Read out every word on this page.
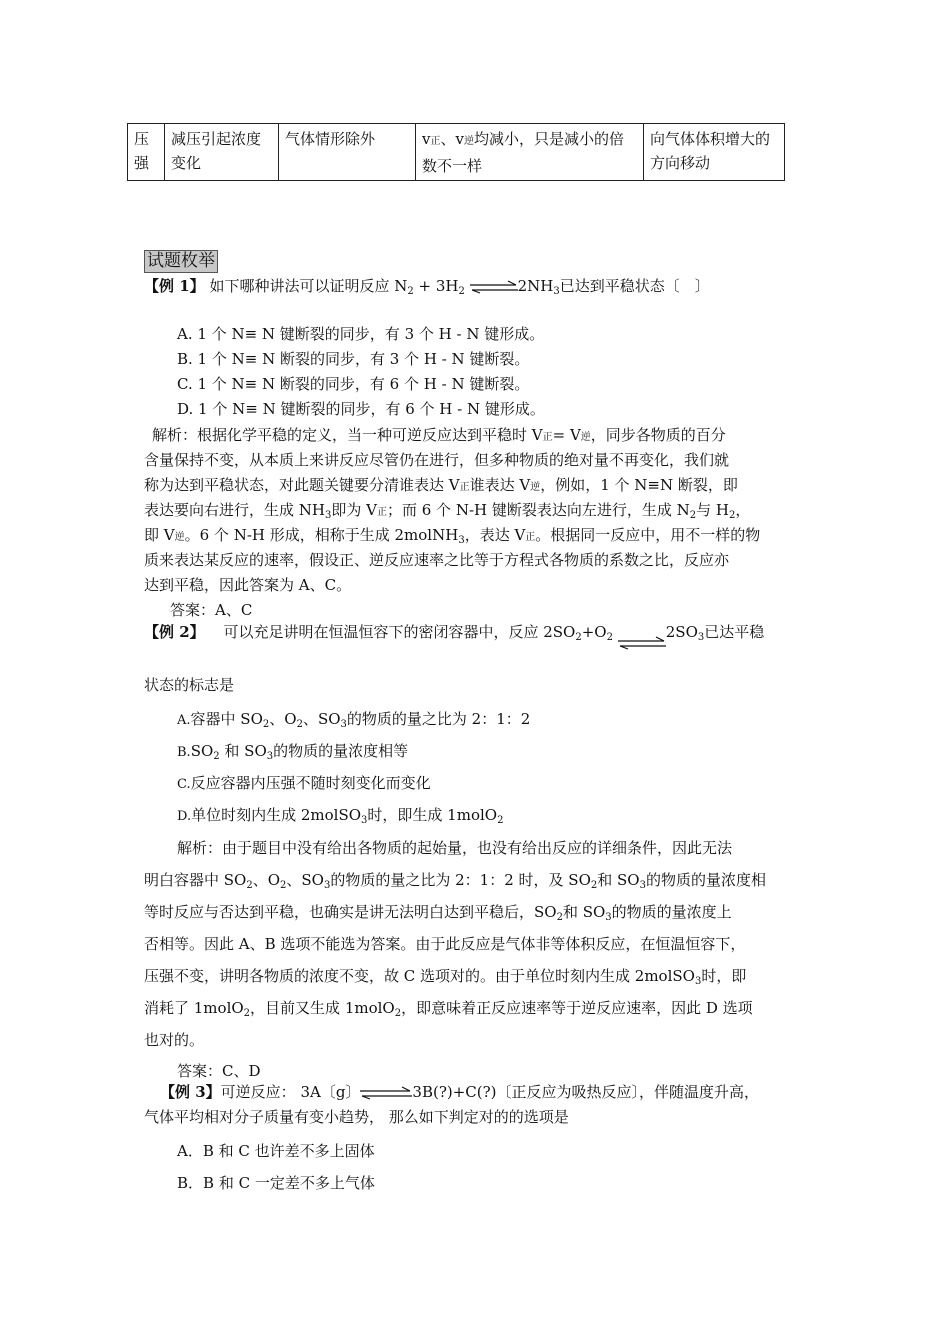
压强	减压引起浓度变化	气体情形除外	v正、v逆均减小，只是减小的倍数不一样	向气体体积增大的方向移动
试题枚举
【例 1】 如下哪种讲法可以证明反应 $N_2 + 3H_2$ $\rightleftharpoons 2NH_3$已达到平稳状态〔　〕
A. 1 个 N≡ N 键断裂的同步，有 3 个 H - N 键形成。
B. 1 个 N≡ N 断裂的同步，有 3 个 H - N 键断裂。
C. 1 个 N≡ N 断裂的同步，有 6 个 H - N 键断裂。
D. 1 个 N≡ N 键断裂的同步，有 6 个 H - N 键形成。
解析：根据化学平稳的定义，当一种可逆反应达到平稳时 V正= V逆，同步各物质的百分
含量保持不变，从本质上来讲反应尽管仍在进行，但多种物质的绝对量不再变化，我们就
称为达到平稳状态，对此题关键要分清谁表达 V正谁表达 V逆，例如，1 个 N≡N 断裂，即
表达要向右进行，生成 $NH_3$即为 V正；而 6 个 N-H 键断裂表达向左进行，生成 $N_2$与 $H_2$，
即 V逆。6 个 N-H 形成，相称于生成 2molNH$_3$，表达 V正。根据同一反应中，用不一样的物
质来表达某反应的速率，假设正、逆反应速率之比等于方程式各物质的系数之比，反应亦
达到平稳，因此答案为 A、C。
答案：A、C
【例 2】 可以充足讲明在恒温恒容下的密闭容器中，反应 $2SO_2+O_2$ $\rightleftharpoons 2SO_3$已达平稳
状态的标志是
A.容器中 $SO_2$、$O_2$、$SO_3$的物质的量之比为 2：1：2
$B.SO_2$ 和 $SO_3$的物质的量浓度相等
C.反应容器内压强不随时刻变化而变化
D.单位时刻内生成 2molSO$_3$时，即生成 1molO$_2$
解析：由于题目中没有给出各物质的起始量，也没有给出反应的详细条件，因此无法
明白容器中 $SO_2$、$O_2$、$SO_3$的物质的量之比为 2：1：2 时，及 $SO_2$和 $SO_3$的物质的量浓度相
等时反应与否达到平稳，也确实是讲无法明白达到平稳后，$SO_2$和 $SO_3$的物质的量浓度上
否相等。因此 A、B 选项不能选为答案。由于此反应是气体非等体积反应，在恒温恒容下，
压强不变，讲明各物质的浓度不变，故 C 选项对的。由于单位时刻内生成 2molSO$_3$时，即
消耗了 1molO$_2$，目前又生成 1molO$_2$，即意味着正反应速率等于逆反应速率，因此 D 选项
也对的。
答案：C、D
【例 3】可逆反应： 3A〔g〕⇌3B(?)+C(?)〔正反应为吸热反应〕，伴随温度升高，
气体平均相对分子质量有变小趋势， 那么如下判定对的的选项是
A．B 和 C 也许差不多上固体
B．B 和 C 一定差不多上气体
